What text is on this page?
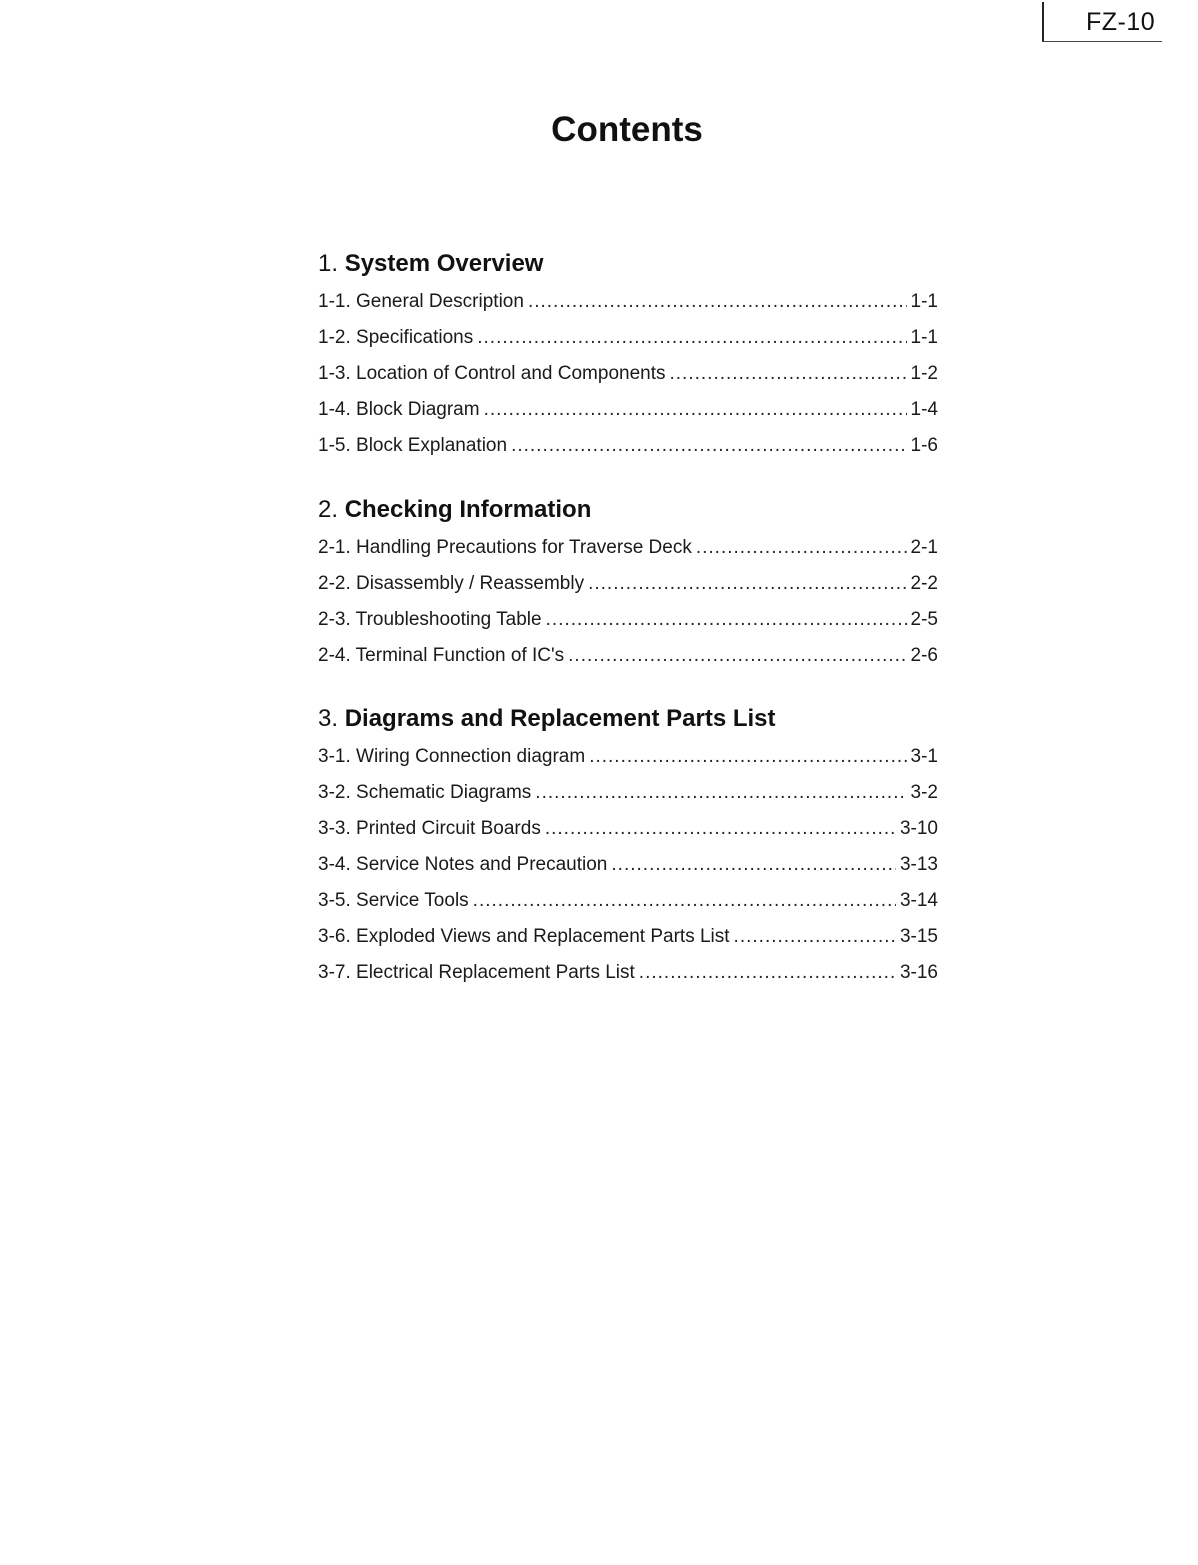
FZ-10
Contents
1. System Overview
1-1. General Description .....	1-1
1-2. Specifications .....	1-1
1-3. Location of Control and Components .....	1-2
1-4. Block Diagram .....	1-4
1-5. Block Explanation .....	1-6
2. Checking Information
2-1. Handling Precautions for Traverse Deck .....	2-1
2-2. Disassembly / Reassembly .....	2-2
2-3. Troubleshooting Table .....	2-5
2-4. Terminal Function of IC's .....	2-6
3. Diagrams and Replacement Parts List
3-1. Wiring Connection diagram .....	3-1
3-2. Schematic Diagrams .....	3-2
3-3. Printed Circuit Boards .....	3-10
3-4. Service Notes and Precaution .....	3-13
3-5. Service Tools .....	3-14
3-6. Exploded Views and Replacement Parts List .....	3-15
3-7. Electrical Replacement Parts List .....	3-16
